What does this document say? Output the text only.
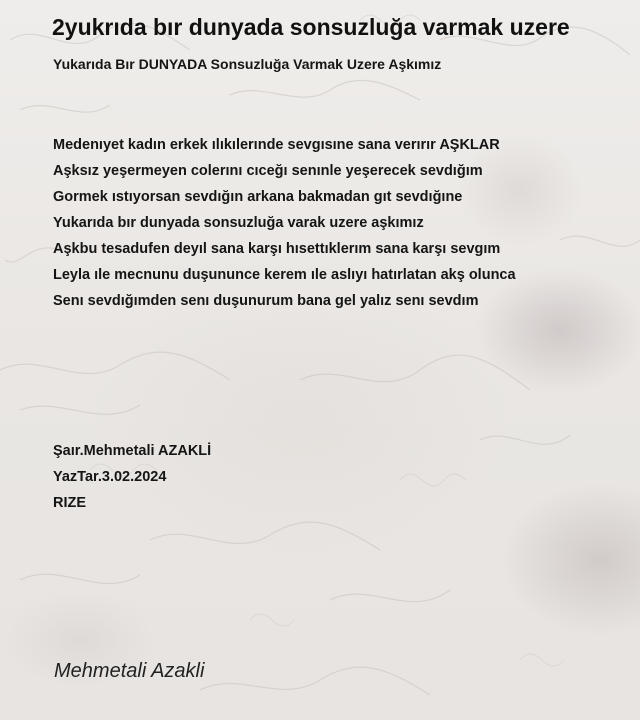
2yukrıda bır dunyada sonsuzluğa varmak uzere
Yukarıda Bır DUNYADA Sonsuzluğa Varmak Uzere Aşkımız
Medenıyet kadın erkek ılıkılerınde sevgısıne sana verırır AŞKLAR
Aşksız yeşermeyen colerını cıceğı senınle yeşerecek sevdığım
Gormek ıstıyorsan sevdığın arkana bakmadan gıt sevdığıne
Yukarıda bır dunyada sonsuzluğa varak uzere aşkımız
Aşkbu tesadufen deyıl sana karşı hısettıklerım sana karşı sevgım
Leyla ıle mecnunu duşununce kerem ıle aslıyı hatırlatan akş olunca
Senı sevdığımden senı duşunurum bana gel yalız senı sevdım
Şaır.Mehmetali AZAKLİ
YazTar.3.02.2024
RIZE
Mehmetali Azakli
